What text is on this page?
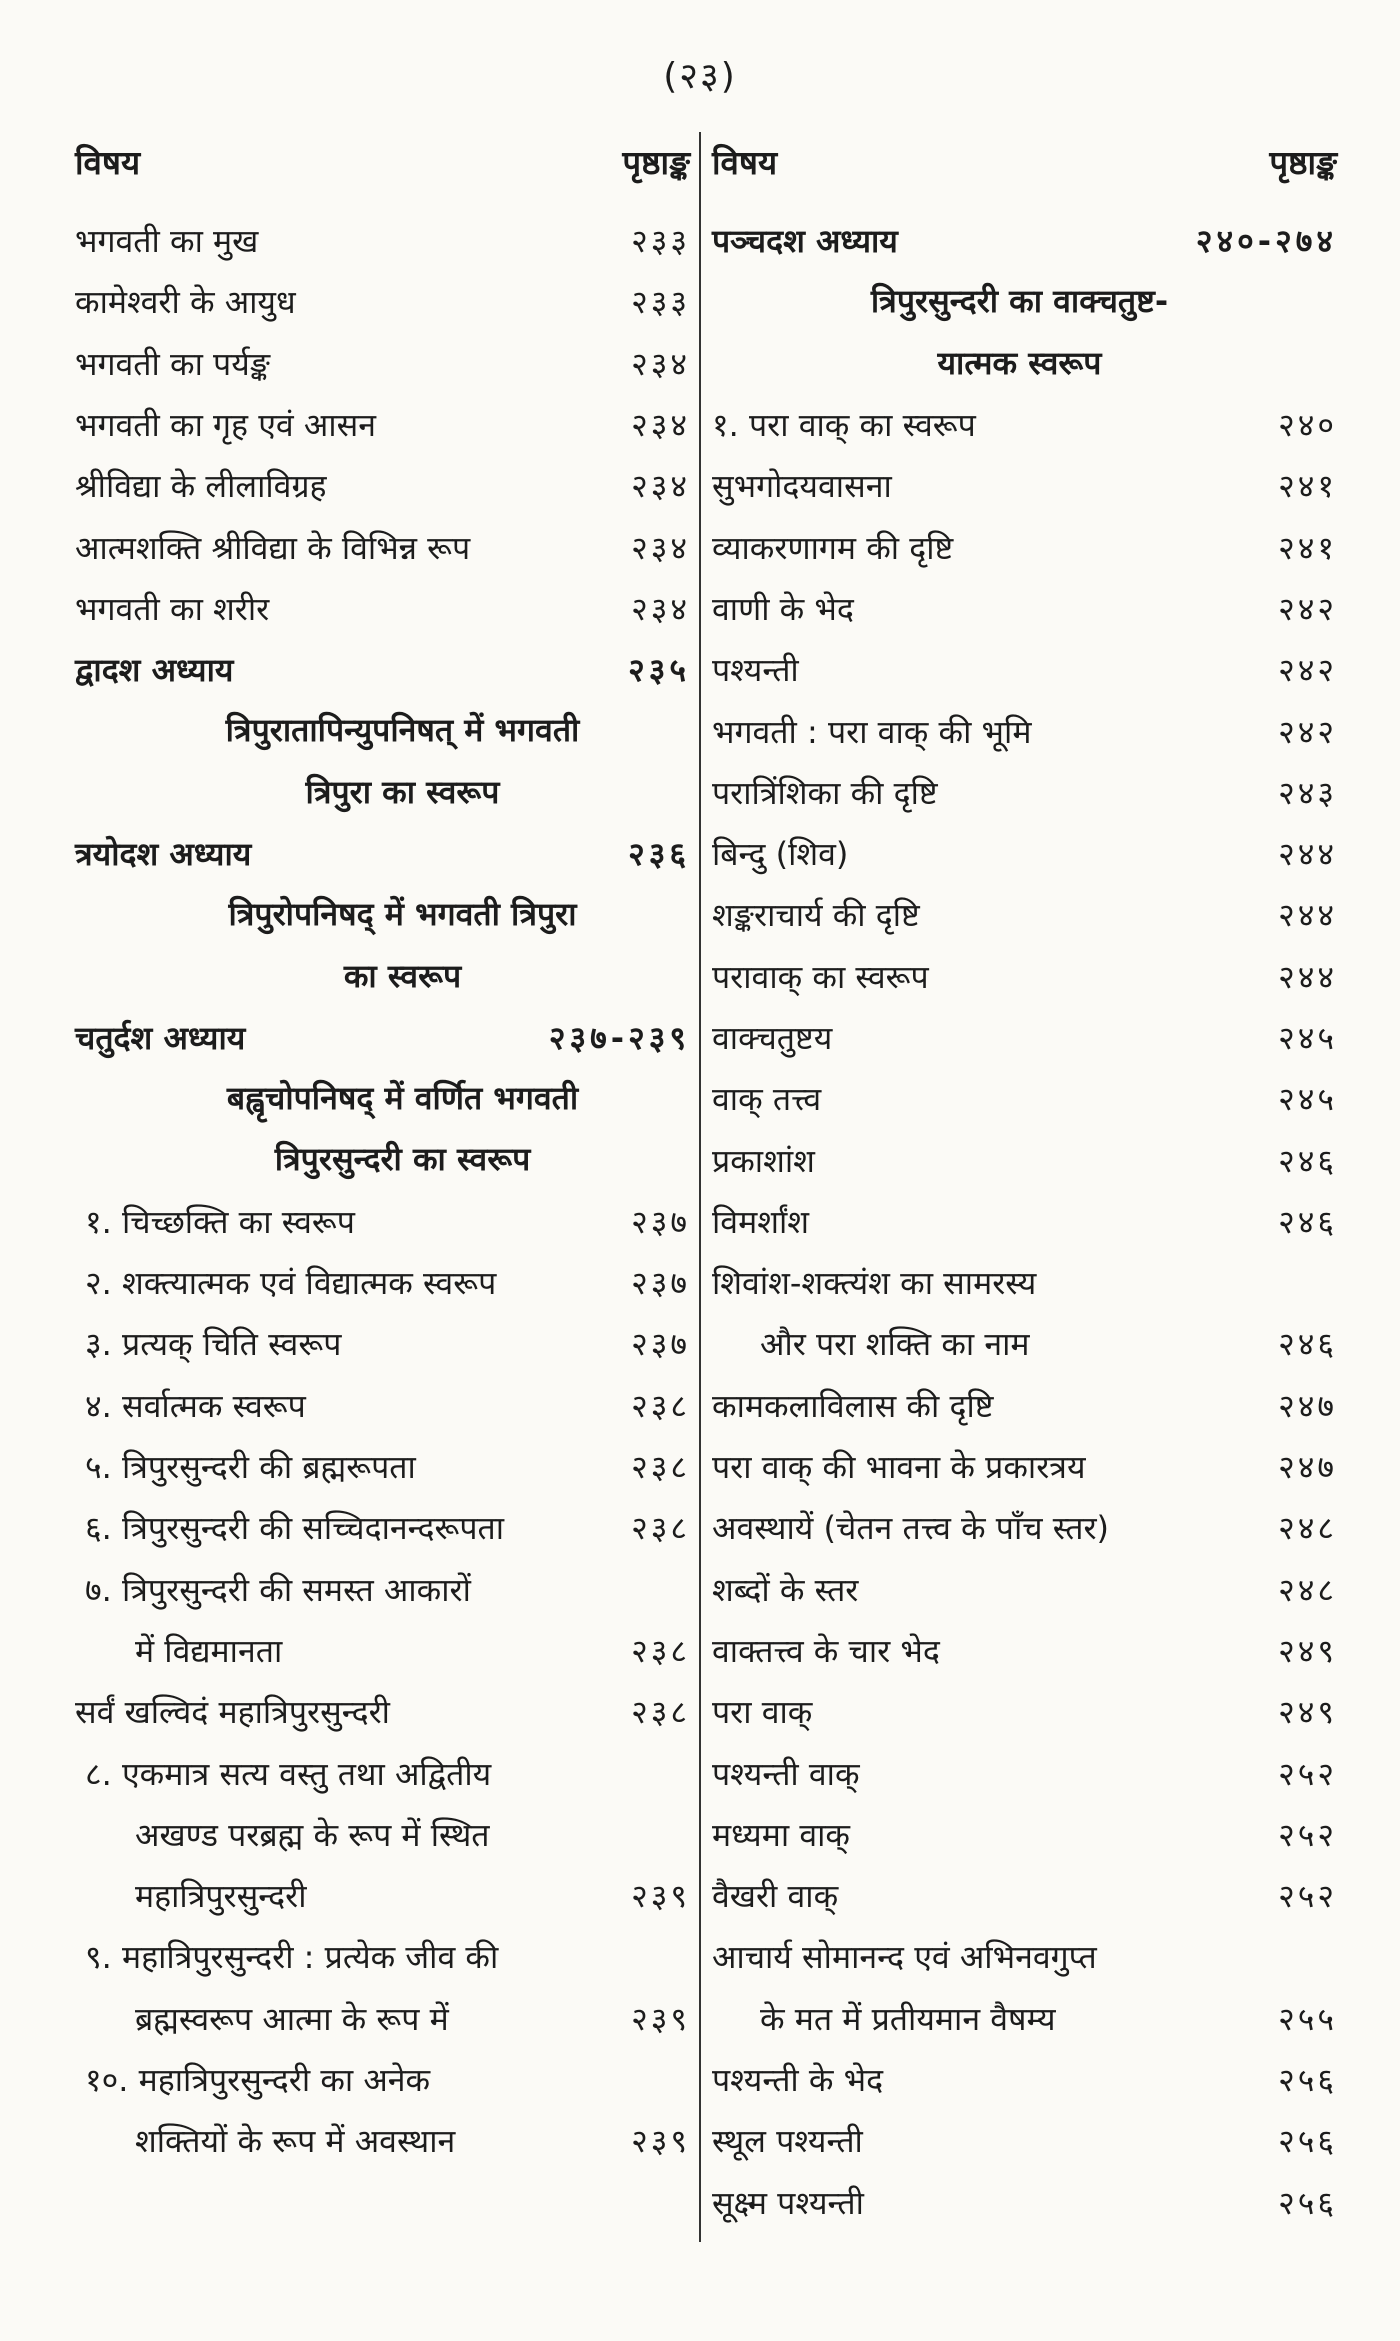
(२३)
विषय	पृष्ठाङ्क
भगवती का मुख	२३३
कामेश्वरी के आयुध	२३३
भगवती का पर्यङ्क	२३४
भगवती का गृह एवं आसन	२३४
श्रीविद्या के लीलाविग्रह	२३४
आत्मशक्ति श्रीविद्या के विभिन्न रूप	२३४
भगवती का शरीर	२३४
द्वादश अध्याय	२३५
त्रिपुरातापिन्युपनिषत् में भगवती
त्रिपुरा का स्वरूप
त्रयोदश अध्याय	२३६
त्रिपुरोपनिषद् में भगवती त्रिपुरा
का स्वरूप
चतुर्दश अध्याय	२३७-२३९
बह्वृचोपनिषद् में वर्णित भगवती
त्रिपुरसुन्दरी का स्वरूप
१. चिच्छक्ति का स्वरूप	२३७
२. शक्त्यात्मक एवं विद्यात्मक स्वरूप	२३७
३. प्रत्यक् चिति स्वरूप	२३७
४. सर्वात्मक स्वरूप	२३८
५. त्रिपुरसुन्दरी की ब्रह्मरूपता	२३८
६. त्रिपुरसुन्दरी की सच्चिदानन्दरूपता	२३८
७. त्रिपुरसुन्दरी की समस्त आकारों
में विद्यमानता	२३८
सर्वं खल्विदं महात्रिपुरसुन्दरी	२३८
८. एकमात्र सत्य वस्तु तथा अद्वितीय
अखण्ड परब्रह्म के रूप में स्थित
महात्रिपुरसुन्दरी	२३९
९. महात्रिपुरसुन्दरी : प्रत्येक जीव की
ब्रह्मस्वरूप आत्मा के रूप में	२३९
१०. महात्रिपुरसुन्दरी का अनेक
शक्तियों के रूप में अवस्थान	२३९
विषय	पृष्ठाङ्क
पञ्चदश अध्याय	२४०-२७४
त्रिपुरसुन्दरी का वाक्चतुष्ट-
यात्मक स्वरूप
१. परा वाक् का स्वरूप	२४०
सुभगोदयवासना	२४१
व्याकरणागम की दृष्टि	२४१
वाणी के भेद	२४२
पश्यन्ती	२४२
भगवती : परा वाक् की भूमि	२४२
परात्रिंशिका की दृष्टि	२४३
बिन्दु (शिव)	२४४
शङ्कराचार्य की दृष्टि	२४४
परावाक् का स्वरूप	२४४
वाक्चतुष्टय	२४५
वाक् तत्त्व	२४५
प्रकाशांश	२४६
विमर्शांश	२४६
शिवांश-शक्त्यंश का सामरस्य
और परा शक्ति का नाम	२४६
कामकलाविलास की दृष्टि	२४७
परा वाक् की भावना के प्रकारत्रय	२४७
अवस्थायें (चेतन तत्त्व के पाँच स्तर)	२४८
शब्दों के स्तर	२४८
वाक्तत्त्व के चार भेद	२४९
परा वाक्	२४९
पश्यन्ती वाक्	२५२
मध्यमा वाक्	२५२
वैखरी वाक्	२५२
आचार्य सोमानन्द एवं अभिनवगुप्त
के मत में प्रतीयमान वैषम्य	२५५
पश्यन्ती के भेद	२५६
स्थूल पश्यन्ती	२५६
सूक्ष्म पश्यन्ती	२५६
